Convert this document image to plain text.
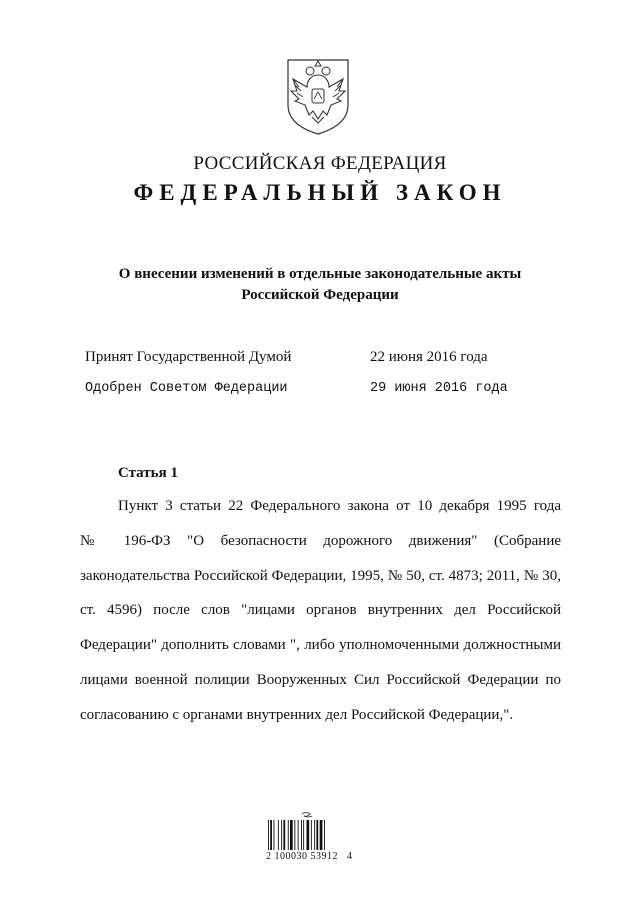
РОССИЙСКАЯ ФЕДЕРАЦИЯ
ФЕДЕРАЛЬНЫЙ ЗАКОН
О внесении изменений в отдельные законодательные акты
Российской Федерации
Принят Государственной Думой	22 июня 2016 года
Одобрен Советом Федерации	29 июня 2016 года
Статья 1
Пункт 3 статьи 22 Федерального закона от 10 декабря 1995 года
№ 196-ФЗ "О безопасности дорожного движения" (Собрание
законодательства Российской Федерации, 1995, № 50, ст. 4873; 2011, № 30,
ст. 4596) после слов "лицами органов внутренних дел Российской
Федерации" дополнить словами ", либо уполномоченными должностными
лицами военной полиции Вооруженных Сил Российской Федерации по
согласованию с органами внутренних дел Российской Федерации,".
2 100030 53912   4
